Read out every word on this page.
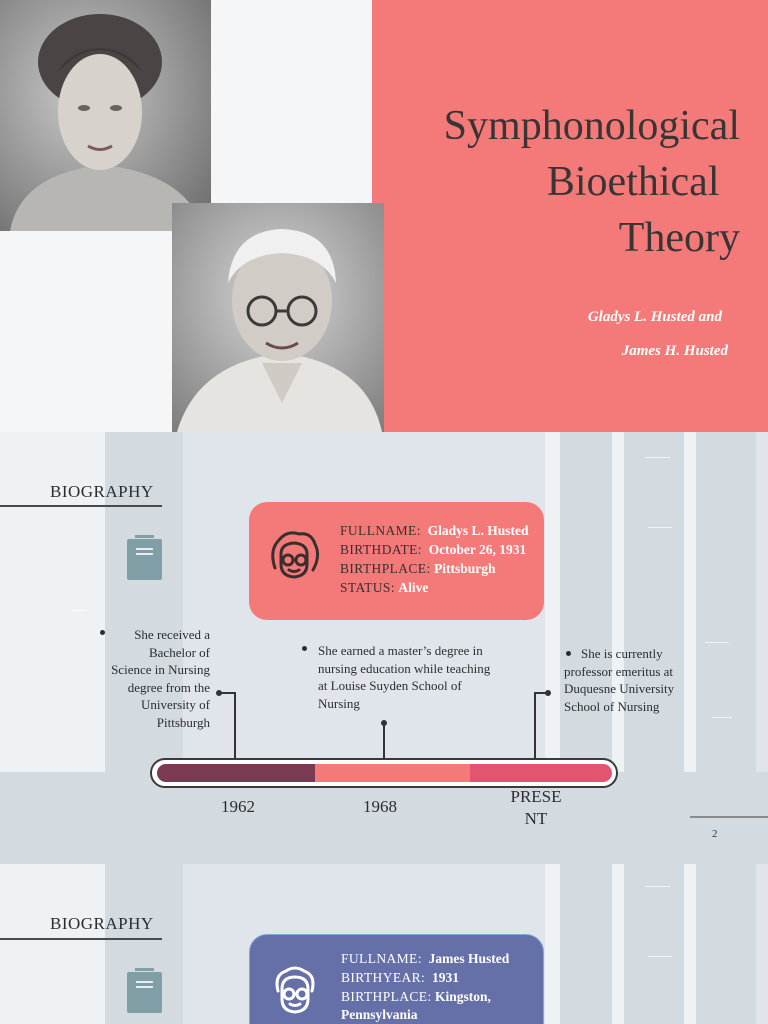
Symphonological
Bioethical
Theory
Gladys L. Husted and
James H. Husted
BIOGRAPHY
FULLNAME: Gladys L. Husted
BIRTHDATE: October 26, 1931
BIRTHPLACE: Pittsburgh
STATUS: Alive
She received a Bachelor of Science in Nursing degree from the University of Pittsburgh
She earned a master’s degree in nursing education while teaching at Louise Suyden School of Nursing
She is currently professor emeritus at Duquesne University School of Nursing
1962	1968
PRESE NT
2
BIOGRAPHY
FULLNAME: James Husted
BIRTHYEAR: 1931
BIRTHPLACE: Kingston, Pennsylvania
